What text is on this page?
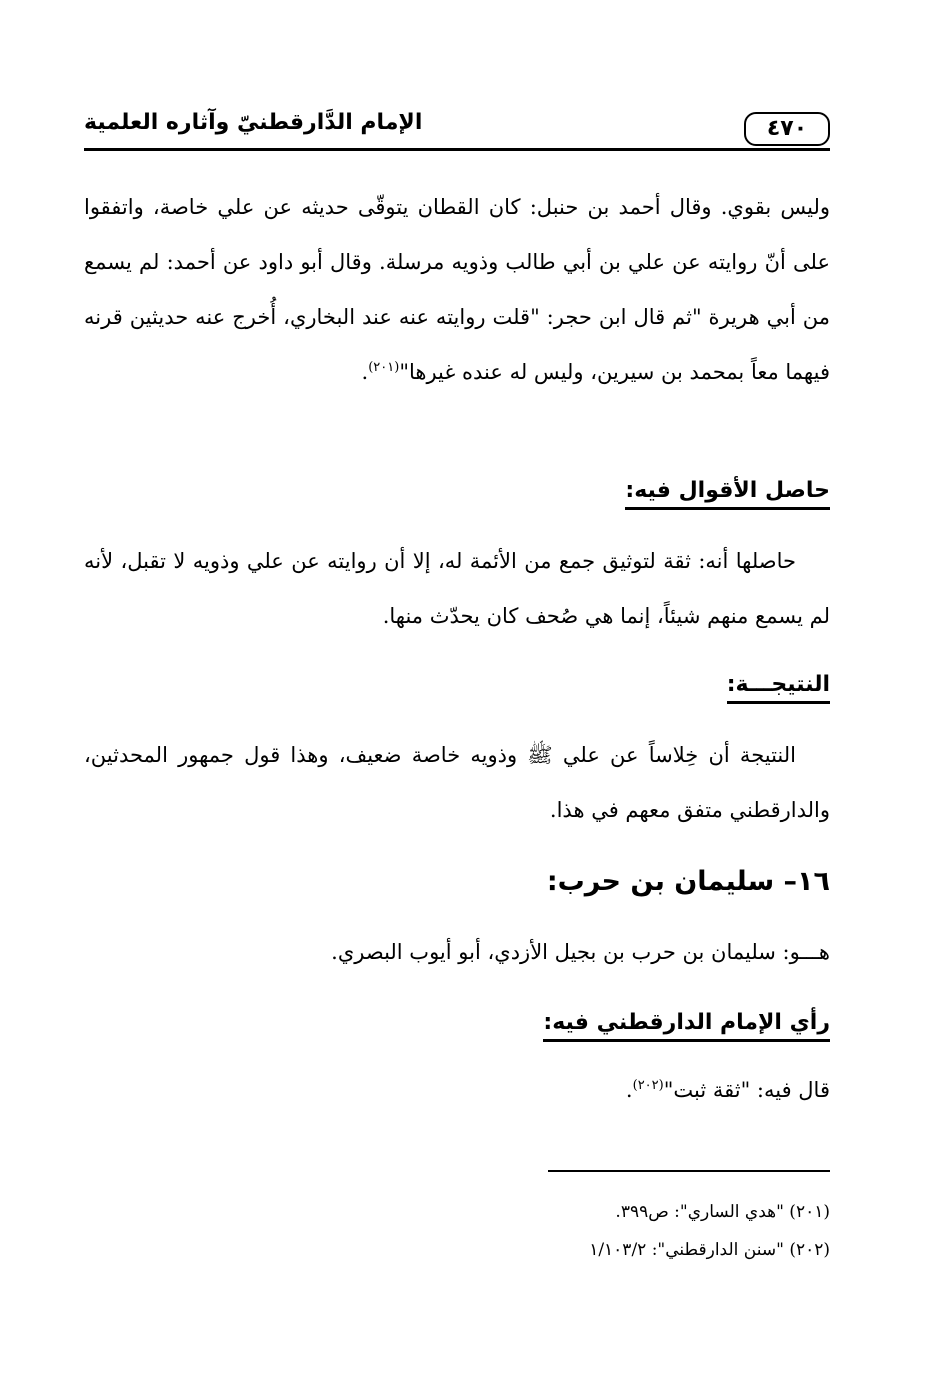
٤٧٠
الإمام الدَّارقطنيّ وآثاره العلمية
وليس بقوي. وقال أحمد بن حنبل: كان القطان يتوقّى حديثه عن علي خاصة، واتفقوا على أنّ روايته عن علي بن أبي طالب وذويه مرسلة. وقال أبو داود عن أحمد: لم يسمع من أبي هريرة "ثم قال ابن حجر: "قلت روايته عنه عند البخاري، أُخرج عنه حديثين قرنه فيهما معاً بمحمد بن سيرين، وليس له عنده غيرها"$^{(٢٠١)}$.
حاصل الأقوال فيه:
حاصلها أنه: ثقة لتوثيق جمع من الأئمة له، إلا أن روايته عن علي وذويه لا تقبل، لأنه لم يسمع منهم شيئاً، إنما هي صُحف كان يحدّث منها.
النتيجـــة:
النتيجة أن خِلاساً عن علي ﷺ وذويه خاصة ضعيف، وهذا قول جمهور المحدثين، والدارقطني متفق معهم في هذا.
١٦– سليمان بن حرب:
هـــو: سليمان بن حرب بن بجيل الأزدي، أبو أيوب البصري.
رأي الإمام الدارقطني فيه:
قال فيه: "ثقة ثبت"$^{(٢٠٢)}$.
(٢٠١) "هدي الساري": ص٣٩٩.
(٢٠٢) "سنن الدارقطني": ١/١٠٣/٢
